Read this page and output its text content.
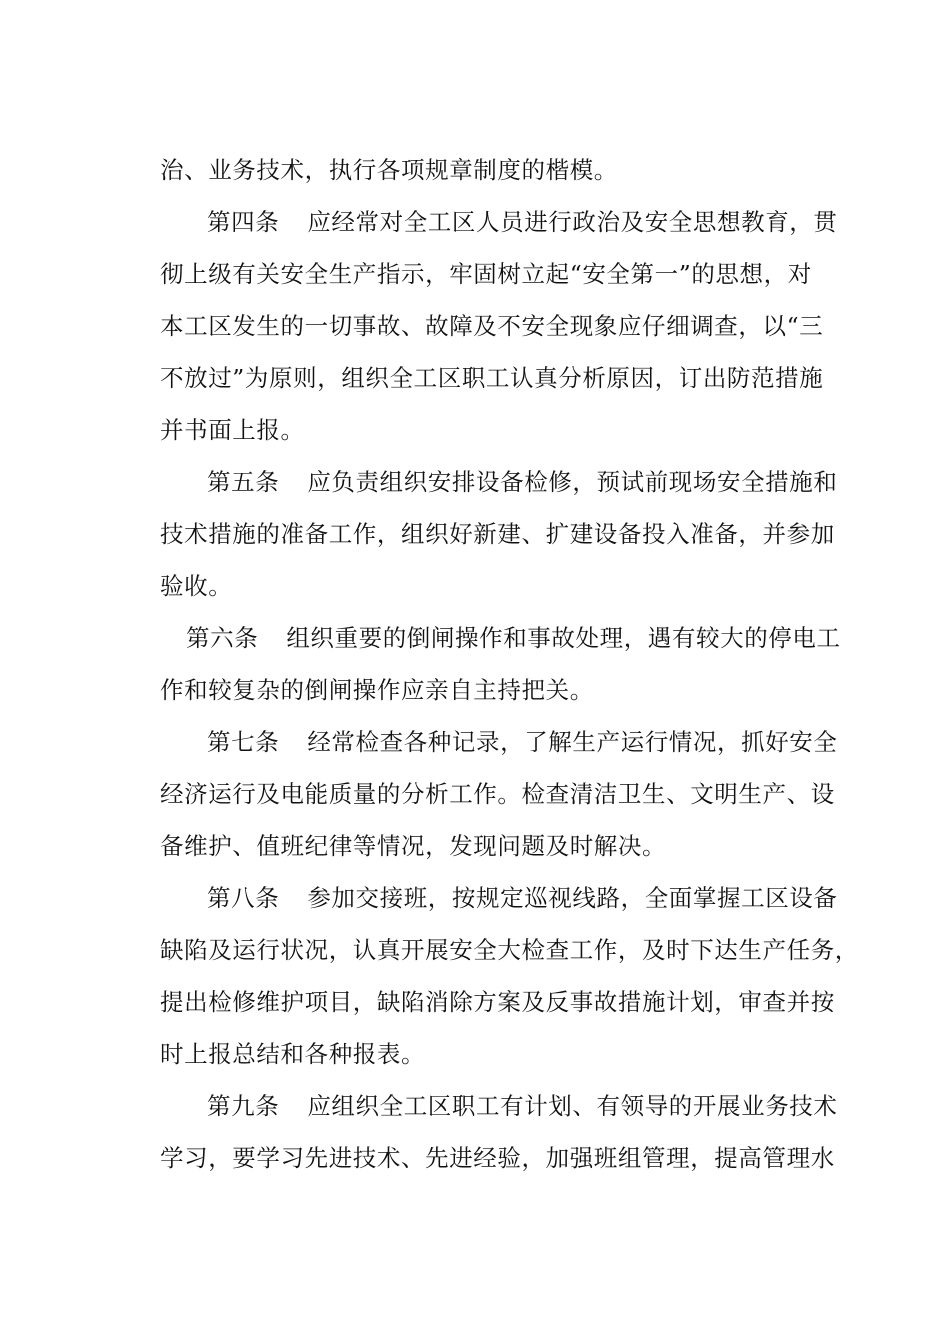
治、业务技术，执行各项规章制度的楷模。
第四条 应经常对全工区人员进行政治及安全思想教育，贯
彻上级有关安全生产指示，牢固树立起“安全第一”的思想，对
本工区发生的一切事故、故障及不安全现象应仔细调查，以“三
不放过”为原则，组织全工区职工认真分析原因，订出防范措施
并书面上报。
第五条 应负责组织安排设备检修，预试前现场安全措施和
技术措施的准备工作，组织好新建、扩建设备投入准备，并参加
验收。
第六条 组织重要的倒闸操作和事故处理，遇有较大的停电工
作和较复杂的倒闸操作应亲自主持把关。
第七条 经常检查各种记录，了解生产运行情况，抓好安全
经济运行及电能质量的分析工作。检查清洁卫生、文明生产、设
备维护、值班纪律等情况，发现问题及时解决。
第八条 参加交接班，按规定巡视线路，全面掌握工区设备
缺陷及运行状况，认真开展安全大检查工作，及时下达生产任务，
提出检修维护项目，缺陷消除方案及反事故措施计划，审查并按
时上报总结和各种报表。
第九条 应组织全工区职工有计划、有领导的开展业务技术
学习，要学习先进技术、先进经验，加强班组管理，提高管理水
